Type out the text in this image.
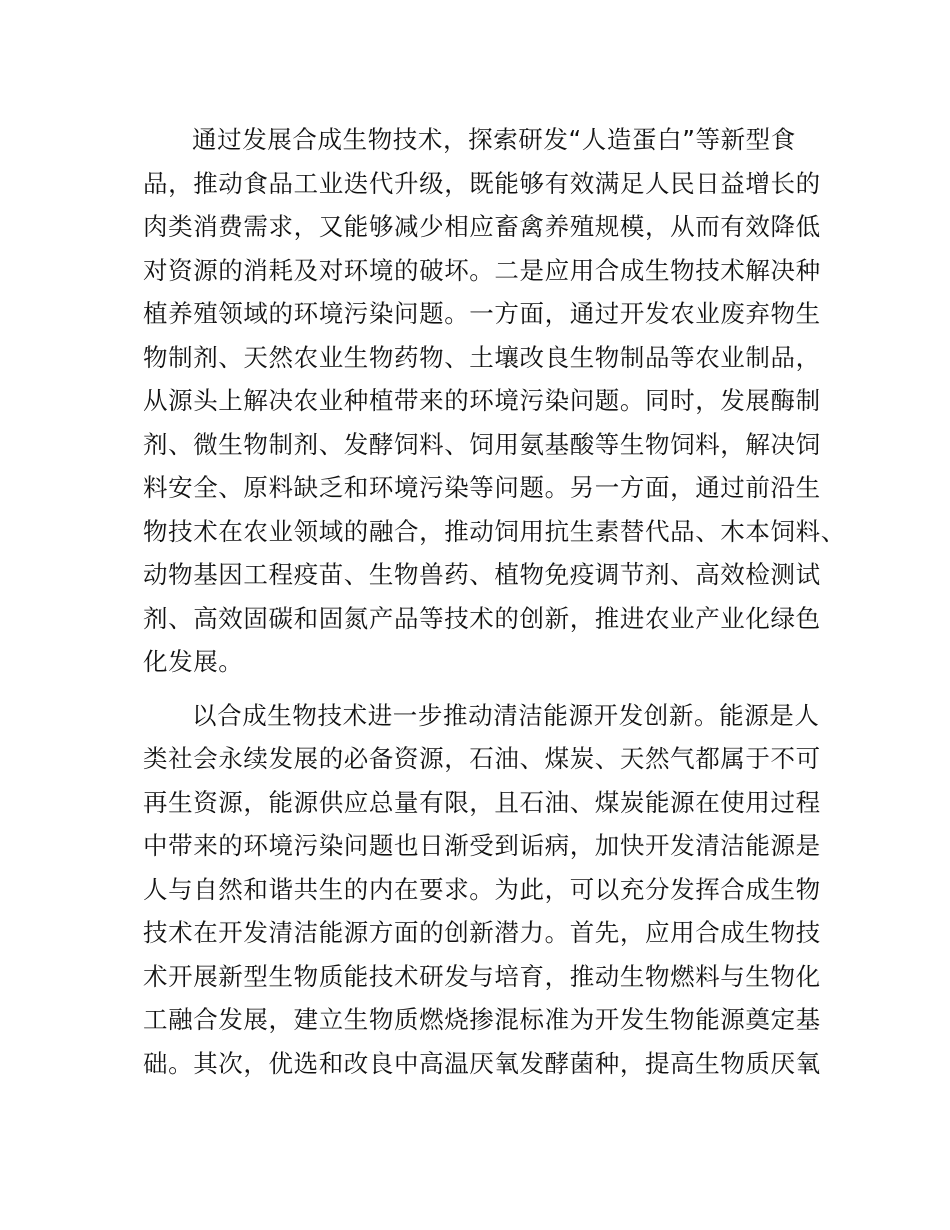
通过发展合成生物技术，探索研发“人造蛋白”等新型食
品，推动食品工业迭代升级，既能够有效满足人民日益增长的
肉类消费需求，又能够减少相应畜禽养殖规模，从而有效降低
对资源的消耗及对环境的破坏。二是应用合成生物技术解决种
植养殖领域的环境污染问题。一方面，通过开发农业废弃物生
物制剂、天然农业生物药物、土壤改良生物制品等农业制品，
从源头上解决农业种植带来的环境污染问题。同时，发展酶制
剂、微生物制剂、发酵饲料、饲用氨基酸等生物饲料，解决饲
料安全、原料缺乏和环境污染等问题。另一方面，通过前沿生
物技术在农业领域的融合，推动饲用抗生素替代品、木本饲料、
动物基因工程疫苗、生物兽药、植物免疫调节剂、高效检测试
剂、高效固碳和固氮产品等技术的创新，推进农业产业化绿色
化发展。

以合成生物技术进一步推动清洁能源开发创新。能源是人
类社会永续发展的必备资源，石油、煤炭、天然气都属于不可
再生资源，能源供应总量有限，且石油、煤炭能源在使用过程
中带来的环境污染问题也日渐受到诟病，加快开发清洁能源是
人与自然和谐共生的内在要求。为此，可以充分发挥合成生物
技术在开发清洁能源方面的创新潜力。首先，应用合成生物技
术开展新型生物质能技术研发与培育，推动生物燃料与生物化
工融合发展，建立生物质燃烧掺混标准为开发生物能源奠定基
础。其次，优选和改良中高温厌氧发酵菌种，提高生物质厌氧
